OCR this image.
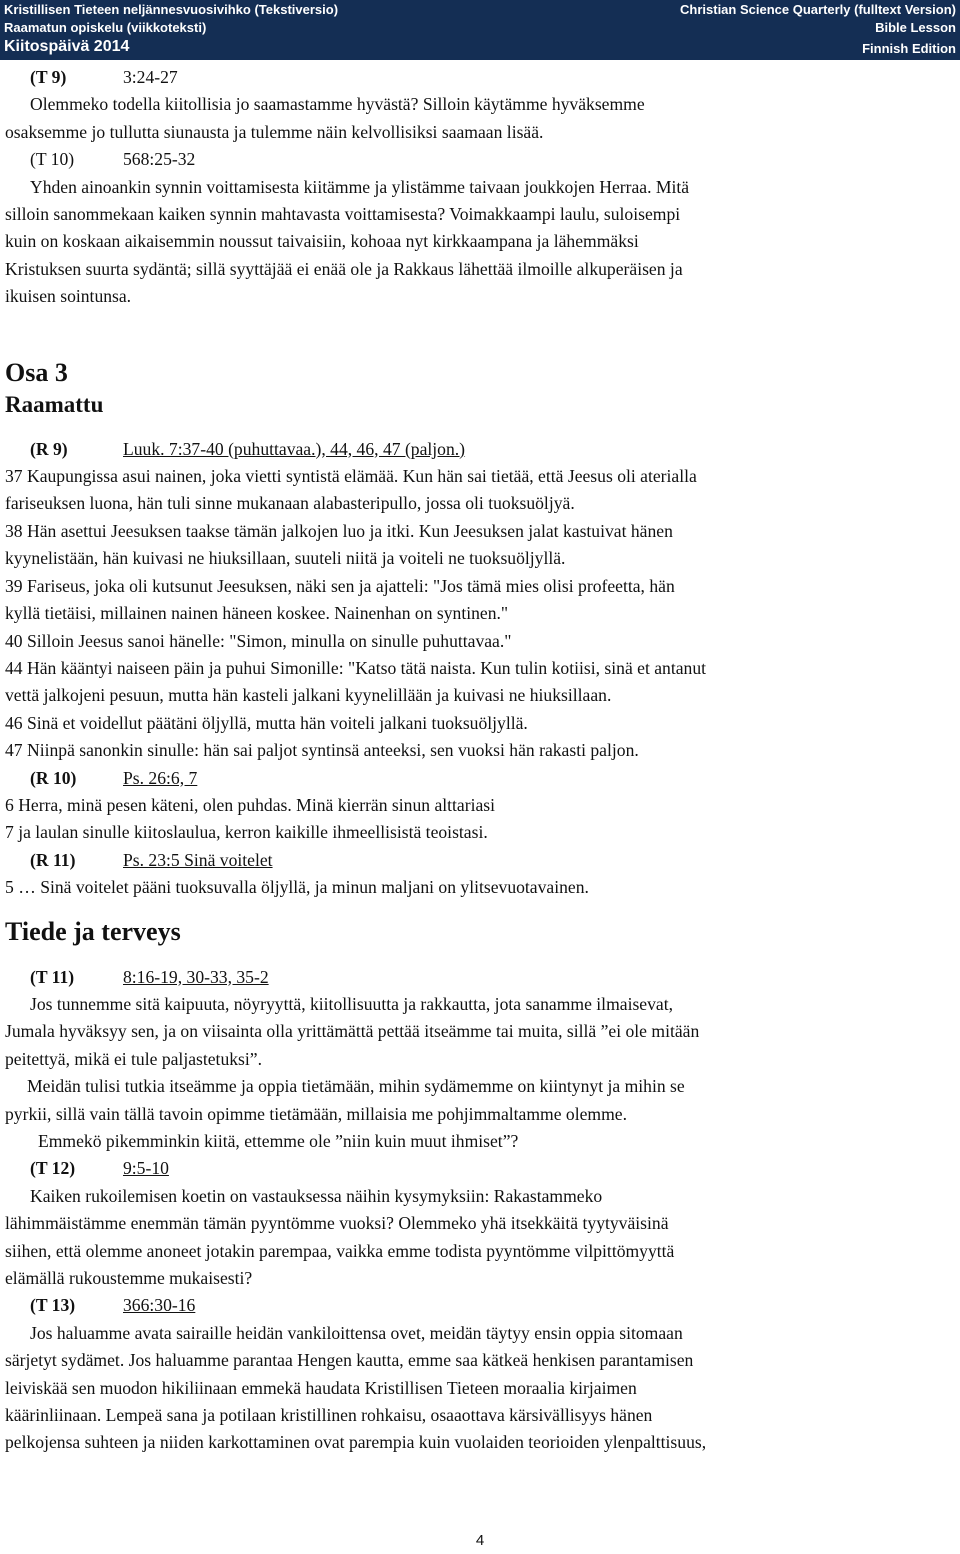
Kristillisen Tieteen neljännesvuosivihko (Tekstiversio)
Raamatun opiskelu (viikkoteksti)
Kiitospäivä 2014
Christian Science Quarterly (fulltext Version)
Bible Lesson
Finnish Edition
(T 9)	3:24-27

Olemmeko todella kiitollisia jo saamastamme hyvästä? Silloin käytämme hyväksemme

osaksemme jo tullutta siunausta ja tulemme näin kelvollisiksi saamaan lisää.

(T 10)	568:25-32

Yhden ainoankin synnin voittamisesta kiitämme ja ylistämme taivaan joukkojen Herraa. Mitä

silloin sanommekaan kaiken synnin mahtavasta voittamisesta? Voimakkaampi laulu, suloisempi

kuin on koskaan aikaisemmin noussut taivaisiin, kohoaa nyt kirkkaampana ja lähemmäksi

Kristuksen suurta sydäntä; sillä syyttäjää ei enää ole ja Rakkaus lähettää ilmoille alkuperäisen ja

ikuisen sointunsa.

Osa 3
Raamattu
(R 9)	Luuk. 7:37-40 (puhuttavaa.), 44, 46, 47 (paljon.)

37 Kaupungissa asui nainen, joka vietti syntistä elämää. Kun hän sai tietää, että Jeesus oli aterialla

fariseuksen luona, hän tuli sinne mukanaan alabasteripullo, jossa oli tuoksuöljyä.

38 Hän asettui Jeesuksen taakse tämän jalkojen luo ja itki. Kun Jeesuksen jalat kastuivat hänen

kyynelistään, hän kuivasi ne hiuksillaan, suuteli niitä ja voiteli ne tuoksuöljyllä.

39 Fariseus, joka oli kutsunut Jeesuksen, näki sen ja ajatteli: "Jos tämä mies olisi profeetta, hän

kyllä tietäisi, millainen nainen häneen koskee. Nainenhan on syntinen."

40 Silloin Jeesus sanoi hänelle: "Simon, minulla on sinulle puhuttavaa."

44 Hän kääntyi naiseen päin ja puhui Simonille: "Katso tätä naista. Kun tulin kotiisi, sinä et antanut

vettä jalkojeni pesuun, mutta hän kasteli jalkani kyynelillään ja kuivasi ne hiuksillaan.

46 Sinä et voidellut päätäni öljyllä, mutta hän voiteli jalkani tuoksuöljyllä.

47 Niinpä sanonkin sinulle: hän sai paljot syntinsä anteeksi, sen vuoksi hän rakasti paljon.

(R 10)	Ps. 26:6, 7

6 Herra, minä pesen käteni, olen puhdas. Minä kierrän sinun alttariasi

7 ja laulan sinulle kiitoslaulua, kerron kaikille ihmeellisistä teoistasi.

(R 11)	Ps. 23:5 Sinä voitelet

5 … Sinä voitelet pääni tuoksuvalla öljyllä, ja minun maljani on ylitsevuotavainen.

Tiede ja terveys
(T 11)	8:16-19, 30-33, 35-2

Jos tunnemme sitä kaipuuta, nöyryyttä, kiitollisuutta ja rakkautta, jota sanamme ilmaisevat,

Jumala hyväksyy sen, ja on viisainta olla yrittämättä pettää itseämme tai muita, sillä ”ei ole mitään

peitettyä, mikä ei tule paljastetuksi”.

Meidän tulisi tutkia itseämme ja oppia tietämään, mihin sydämemme on kiintynyt ja mihin se

pyrkii, sillä vain tällä tavoin opimme tietämään, millaisia me pohjimmaltamme olemme.

Emmekö pikemminkin kiitä, ettemme ole ”niin kuin muut ihmiset”?

(T 12)	9:5-10

Kaiken rukoilemisen koetin on vastauksessa näihin kysymyksiin: Rakastammeko

lähimmäistämme enemmän tämän pyyntömme vuoksi? Olemmeko yhä itsekkäitä tyytyväisinä

siihen, että olemme anoneet jotakin parempaa, vaikka emme todista pyyntömme vilpittömyyttä

elämällä rukoustemme mukaisesti?

(T 13)	366:30-16

Jos haluamme avata sairaille heidän vankiloittensa ovet, meidän täytyy ensin oppia sitomaan

särjetyt sydämet. Jos haluamme parantaa Hengen kautta, emme saa kätkeä henkisen parantamisen

leiviskää sen muodon hikiliinaan emmekä haudata Kristillisen Tieteen moraalia kirjaimen

käärinliinaan. Lempeä sana ja potilaan kristillinen rohkaisu, osaaottava kärsivällisyys hänen

pelkojensa suhteen ja niiden karkottaminen ovat parempia kuin vuolaiden teorioiden ylenpalttisuus,

4
